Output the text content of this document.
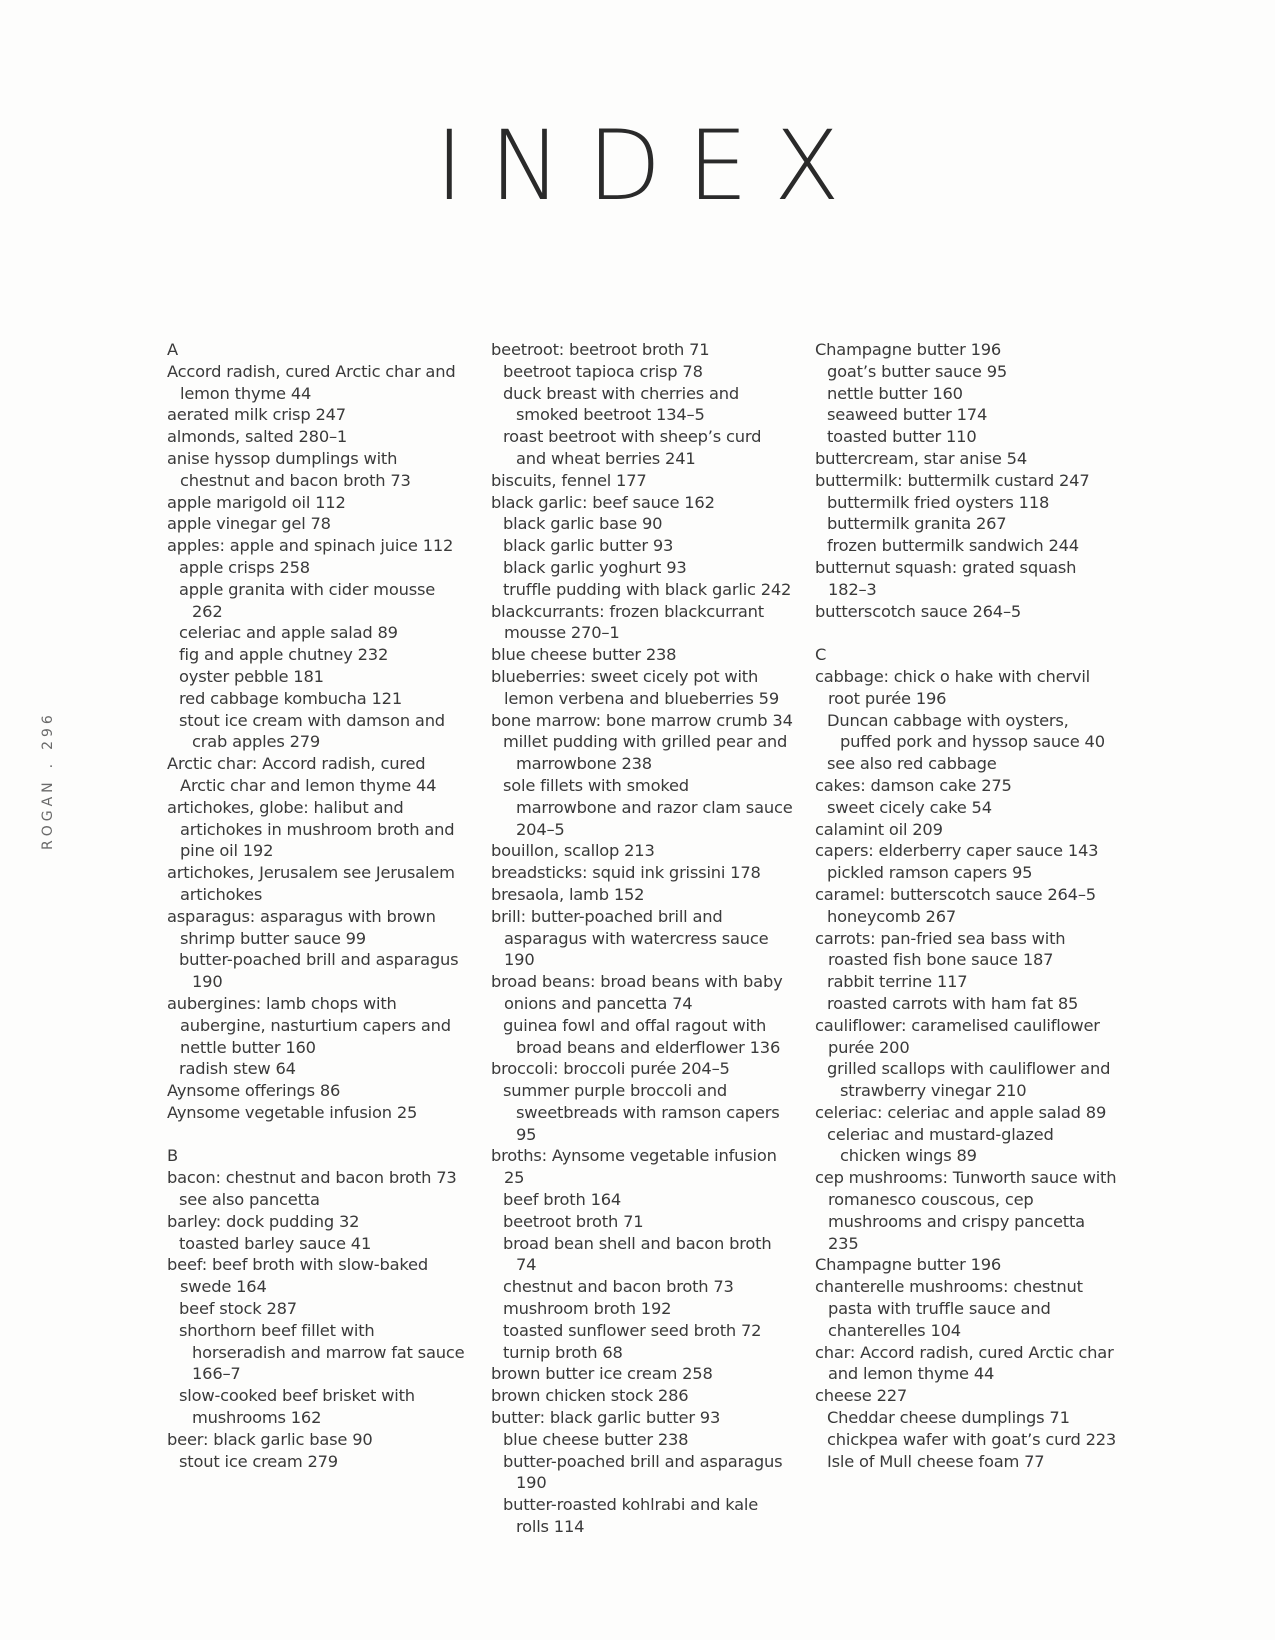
INDEX
ROGAN.296
A
Accord radish, cured Arctic char and lemon thyme 44
aerated milk crisp 247
almonds, salted 280–1
anise hyssop dumplings with chestnut and bacon broth 73
apple marigold oil 112
apple vinegar gel 78
apples: apple and spinach juice 112
apple crisps 258
apple granita with cider mousse 262
celeriac and apple salad 89
fig and apple chutney 232
oyster pebble 181
red cabbage kombucha 121
stout ice cream with damson and crab apples 279
Arctic char: Accord radish, cured Arctic char and lemon thyme 44
artichokes, globe: halibut and artichokes in mushroom broth and pine oil 192
artichokes, Jerusalem see Jerusalem artichokes
asparagus: asparagus with brown shrimp butter sauce 99
butter-poached brill and asparagus 190
aubergines: lamb chops with aubergine, nasturtium capers and nettle butter 160
radish stew 64
Aynsome offerings 86
Aynsome vegetable infusion 25
B
bacon: chestnut and bacon broth 73
see also pancetta
barley: dock pudding 32
toasted barley sauce 41
beef: beef broth with slow-baked swede 164
beef stock 287
shorthorn beef fillet with horseradish and marrow fat sauce 166–7
slow-cooked beef brisket with mushrooms 162
beer: black garlic base 90
stout ice cream 279
beetroot: beetroot broth 71
beetroot tapioca crisp 78
duck breast with cherries and smoked beetroot 134–5
roast beetroot with sheep’s curd and wheat berries 241
biscuits, fennel 177
black garlic: beef sauce 162
black garlic base 90
black garlic butter 93
black garlic yoghurt 93
truffle pudding with black garlic 242
blackcurrants: frozen blackcurrant mousse 270–1
blue cheese butter 238
blueberries: sweet cicely pot with lemon verbena and blueberries 59
bone marrow: bone marrow crumb 34
millet pudding with grilled pear and marrowbone 238
sole fillets with smoked marrowbone and razor clam sauce 204–5
bouillon, scallop 213
breadsticks: squid ink grissini 178
bresaola, lamb 152
brill: butter-poached brill and asparagus with watercress sauce 190
broad beans: broad beans with baby onions and pancetta 74
guinea fowl and offal ragout with broad beans and elderflower 136
broccoli: broccoli purée 204–5
summer purple broccoli and sweetbreads with ramson capers 95
broths: Aynsome vegetable infusion 25
beef broth 164
beetroot broth 71
broad bean shell and bacon broth 74
chestnut and bacon broth 73
mushroom broth 192
toasted sunflower seed broth 72
turnip broth 68
brown butter ice cream 258
brown chicken stock 286
butter: black garlic butter 93
blue cheese butter 238
butter-poached brill and asparagus 190
butter-roasted kohlrabi and kale rolls 114
Champagne butter 196
goat’s butter sauce 95
nettle butter 160
seaweed butter 174
toasted butter 110
buttercream, star anise 54
buttermilk: buttermilk custard 247
buttermilk fried oysters 118
buttermilk granita 267
frozen buttermilk sandwich 244
butternut squash: grated squash 182–3
butterscotch sauce 264–5
C
cabbage: chick o hake with chervil root purée 196
Duncan cabbage with oysters, puffed pork and hyssop sauce 40
see also red cabbage
cakes: damson cake 275
sweet cicely cake 54
calamint oil 209
capers: elderberry caper sauce 143
pickled ramson capers 95
caramel: butterscotch sauce 264–5
honeycomb 267
carrots: pan-fried sea bass with roasted fish bone sauce 187
rabbit terrine 117
roasted carrots with ham fat 85
cauliflower: caramelised cauliflower purée 200
grilled scallops with cauliflower and strawberry vinegar 210
celeriac: celeriac and apple salad 89
celeriac and mustard-glazed chicken wings 89
cep mushrooms: Tunworth sauce with romanesco couscous, cep mushrooms and crispy pancetta 235
Champagne butter 196
chanterelle mushrooms: chestnut pasta with truffle sauce and chanterelles 104
char: Accord radish, cured Arctic char and lemon thyme 44
cheese 227
Cheddar cheese dumplings 71
chickpea wafer with goat’s curd 223
Isle of Mull cheese foam 77
